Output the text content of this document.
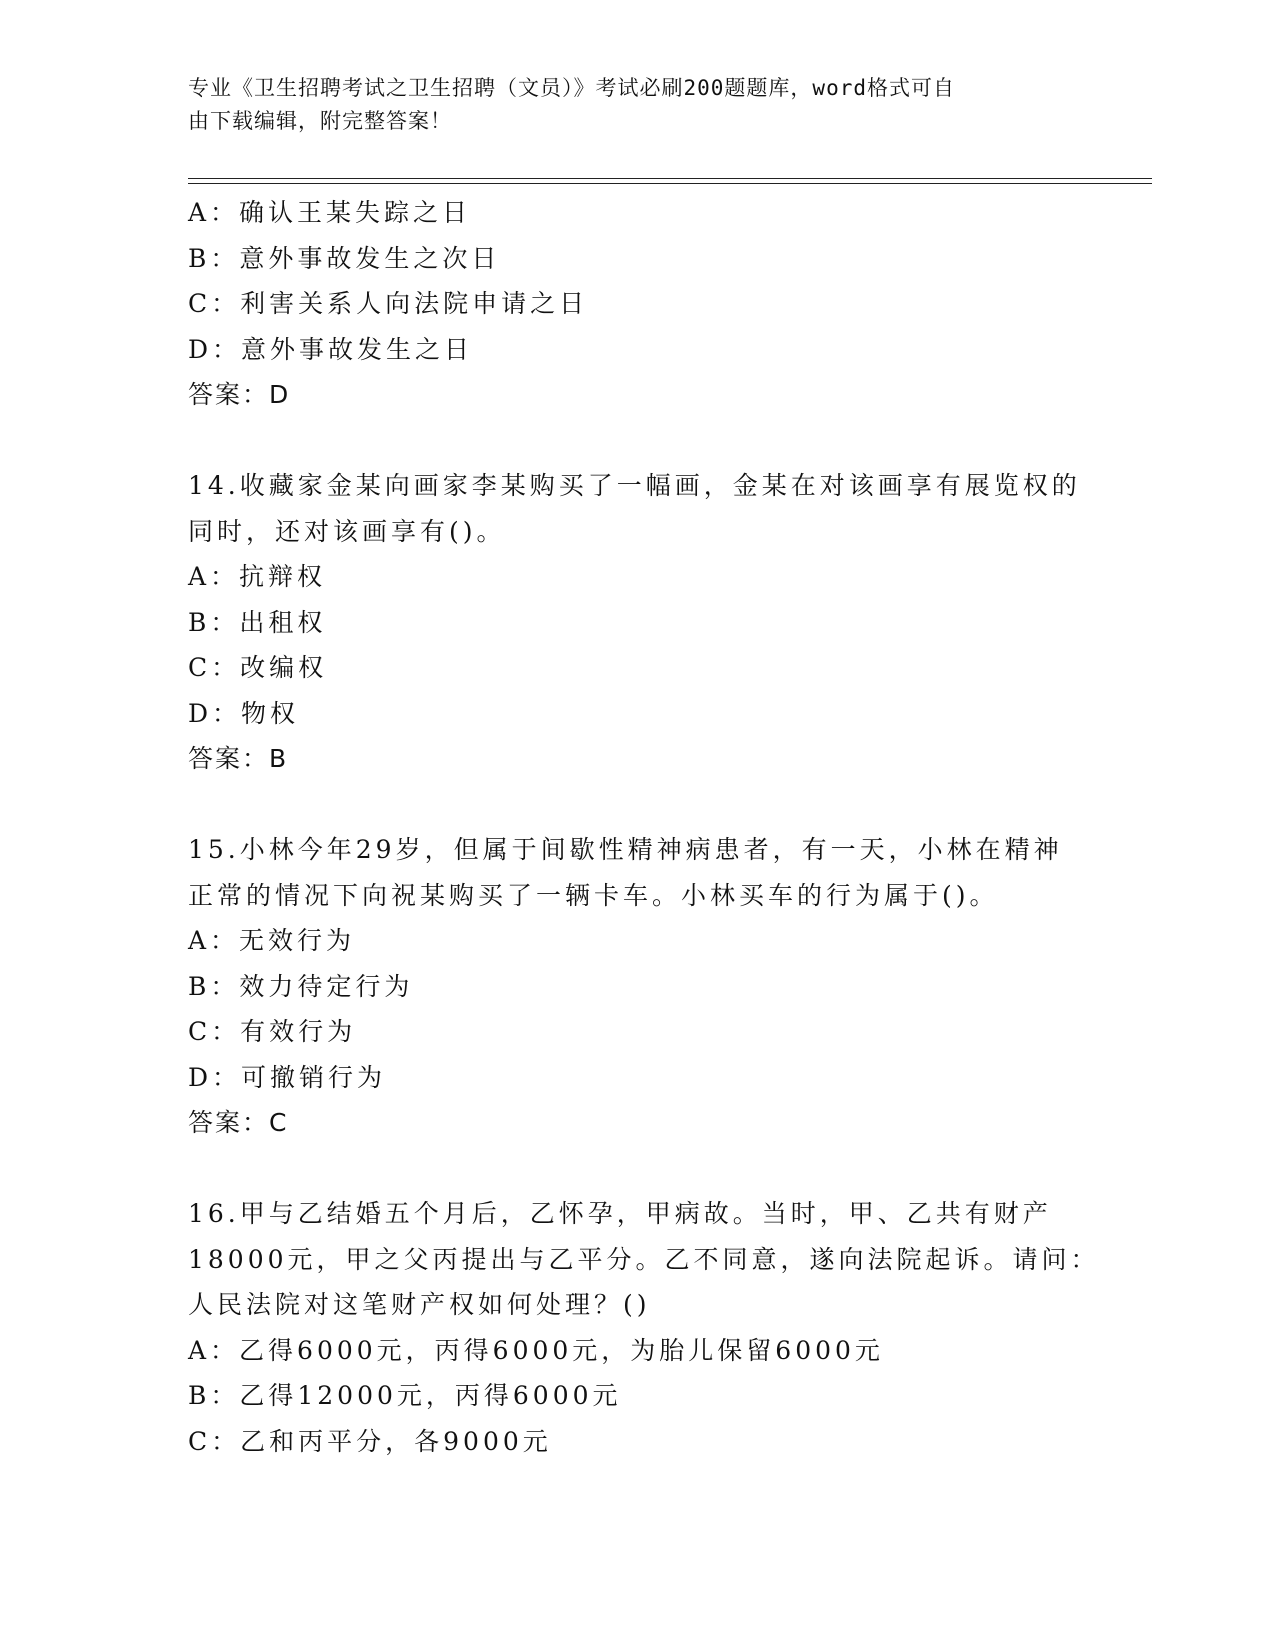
专业《卫生招聘考试之卫生招聘（文员）》考试必刷200题题库，word格式可自
由下载编辑，附完整答案！
A：确认王某失踪之日
B：意外事故发生之次日
C：利害关系人向法院申请之日
D：意外事故发生之日
答案：D
14.收藏家金某向画家李某购买了一幅画，金某在对该画享有展览权的
同时，还对该画享有()。
A：抗辩权
B：出租权
C：改编权
D：物权
答案：B
15.小林今年29岁，但属于间歇性精神病患者，有一天，小林在精神
正常的情况下向祝某购买了一辆卡车。小林买车的行为属于()。
A：无效行为
B：效力待定行为
C：有效行为
D：可撤销行为
答案：C
16.甲与乙结婚五个月后，乙怀孕，甲病故。当时，甲、乙共有财产
18000元，甲之父丙提出与乙平分。乙不同意，遂向法院起诉。请问：
人民法院对这笔财产权如何处理？()
A：乙得6000元，丙得6000元，为胎儿保留6000元
B：乙得12000元，丙得6000元
C：乙和丙平分，各9000元
